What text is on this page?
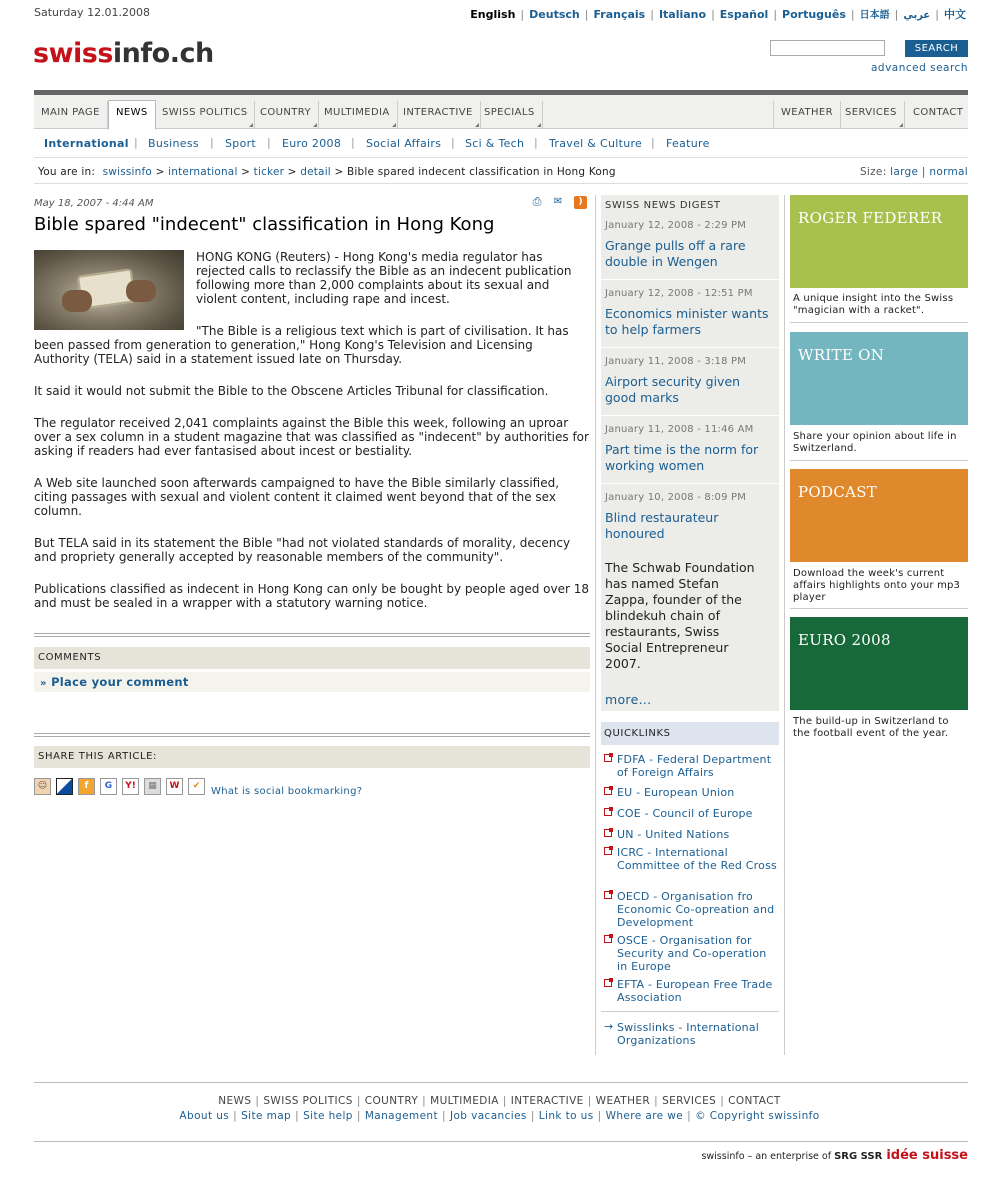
Saturday 12.01.2008	English | Deutsch | Français | Italiano | Español | Português | 日本語 | عربي | 中文
swissinfo.ch	SEARCH
advanced search
MAIN PAGE	NEWS	SWISS POLITICS	COUNTRY	MULTIMEDIA	INTERACTIVE	SPECIALS	WEATHER	SERVICES	CONTACT
International | Business | Sport | Euro 2008 | Social Affairs | Sci & Tech | Travel & Culture | Feature
You are in: swissinfo > international > ticker > detail > Bible spared indecent classification in Hong Kong	Size: large | normal
May 18, 2007 - 4:44 AM	⎙ ✉	)
Bible spared "indecent" classification in Hong Kong

HONG KONG (Reuters) - Hong Kong's media regulator has rejected calls to reclassify the Bible as an indecent publication following more than 2,000 complaints about its sexual and violent content, including rape and incest.

"The Bible is a religious text which is part of civilisation. It has been passed from generation to generation," Hong Kong's Television and Licensing Authority (TELA) said in a statement issued late on Thursday.

It said it would not submit the Bible to the Obscene Articles Tribunal for classification.

The regulator received 2,041 complaints against the Bible this week, following an uproar over a sex column in a student magazine that was classified as "indecent" by authorities for asking if readers had ever fantasised about incest or bestiality.

A Web site launched soon afterwards campaigned to have the Bible similarly classified, citing passages with sexual and violent content it claimed went beyond that of the sex column.

But TELA said in its statement the Bible "had not violated standards of morality, decency and propriety generally accepted by reasonable members of the community".

Publications classified as indecent in Hong Kong can only be bought by people aged over 18 and must be sealed in a wrapper with a statutory warning notice.

COMMENTS
» Place your comment
SHARE THIS ARTICLE:
☺	f	G	Y!	▦	W	✔	What is social bookmarking?
SWISS NEWS DIGEST
January 12, 2008 - 2:29 PM
Grange pulls off a rare double in Wengen
January 12, 2008 - 12:51 PM
Economics minister wants to help farmers
January 11, 2008 - 3:18 PM
Airport security given good marks
January 11, 2008 - 11:46 AM
Part time is the norm for working women
January 10, 2008 - 8:09 PM
Blind restaurateur honoured
The Schwab Foundation has named Stefan Zappa, founder of the blindekuh chain of restaurants, Swiss Social Entrepreneur 2007.
more...
QUICKLINKS
FDFA - Federal Department of Foreign Affairs
EU - European Union
COE - Council of Europe
UN - United Nations
ICRC - International Committee of the Red Cross
OECD - Organisation fro Economic Co-opreation and Development
OSCE - Organisation for Security and Co-operation in Europe
EFTA - European Free Trade Association
→ Swisslinks - International Organizations
ROGER FEDERER
A unique insight into the Swiss "magician with a racket".
WRITE ON
Share your opinion about life in Switzerland.
PODCAST
Download the week's current affairs highlights onto your mp3 player
EURO 2008
The build-up in Switzerland to the football event of the year.
NEWS | SWISS POLITICS | COUNTRY | MULTIMEDIA | INTERACTIVE | WEATHER | SERVICES | CONTACT
About us | Site map | Site help | Management | Job vacancies | Link to us | Where are we | © Copyright swissinfo
swissinfo – an enterprise of SRG SSR idée suisse
